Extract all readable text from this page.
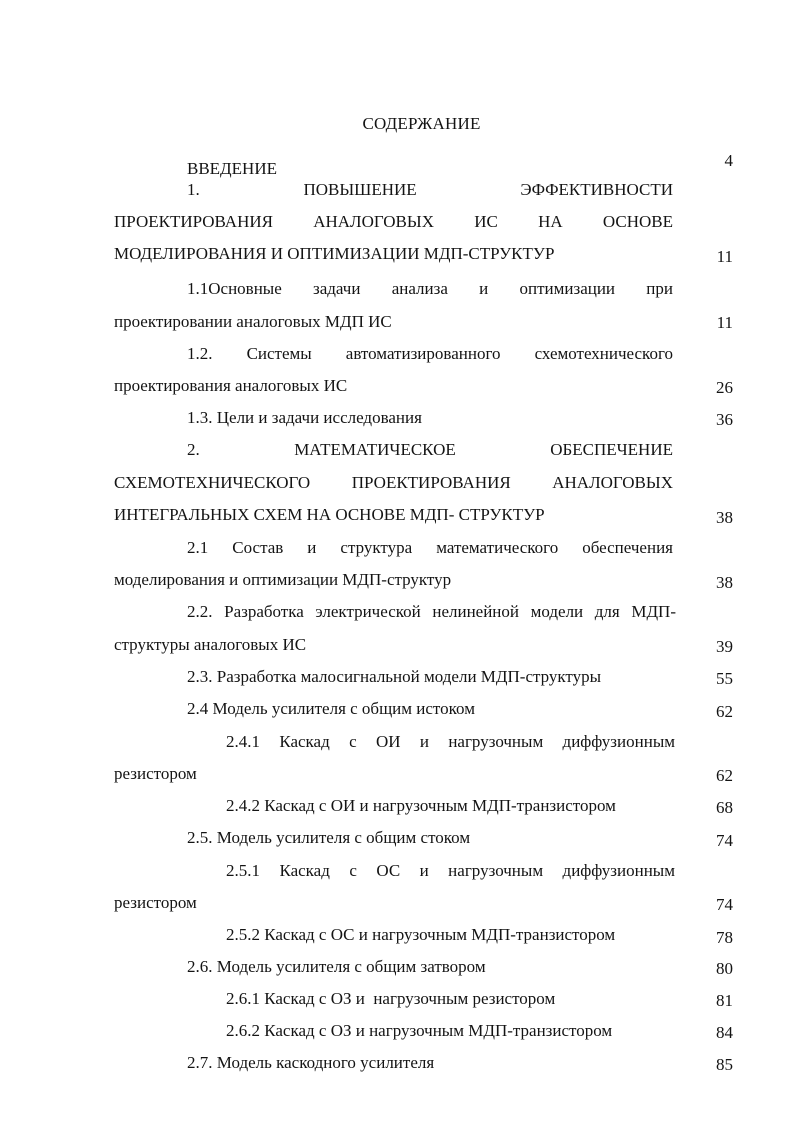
СОДЕРЖАНИЕ
ВВЕДЕНИЕ	4
1.	ПОВЫШЕНИЕ	ЭФФЕКТИВНОСТИ
ПРОЕКТИРОВАНИЯ АНАЛОГОВЫХ ИС НА ОСНОВЕ
МОДЕЛИРОВАНИЯ И ОПТИМИЗАЦИИ МДП-СТРУКТУР	11
1.1Основные задачи анализа и оптимизации при
проектировании аналоговых МДП ИС	11
1.2. Системы автоматизированного схемотехнического
проектирования аналоговых ИС	26
1.3. Цели и задачи исследования	36
2.	МАТЕМАТИЧЕСКОЕ	ОБЕСПЕЧЕНИЕ
СХЕМОТЕХНИЧЕСКОГО ПРОЕКТИРОВАНИЯ АНАЛОГОВЫХ
ИНТЕГРАЛЬНЫХ СХЕМ НА ОСНОВЕ МДП- СТРУКТУР	38
2.1 Состав и структура математического обеспечения
моделирования и оптимизации МДП-структур	38
2.2. Разработка электрической нелинейной модели для МДП-
структуры аналоговых ИС	39
2.3. Разработка малосигнальной модели МДП-структуры	55
2.4 Модель усилителя с общим истоком	62
2.4.1 Каскад с ОИ и нагрузочным диффузионным
резистором	62
2.4.2 Каскад с ОИ и нагрузочным МДП-транзистором	68
2.5. Модель усилителя с общим стоком	74
2.5.1 Каскад с ОС и нагрузочным диффузионным
резистором	74
2.5.2 Каскад с ОС и нагрузочным МДП-транзистором	78
2.6. Модель усилителя с общим затвором	80
2.6.1 Каскад с ОЗ и  нагрузочным резистором	81
2.6.2 Каскад с ОЗ и нагрузочным МДП-транзистором	84
2.7. Модель каскодного усилителя	85
